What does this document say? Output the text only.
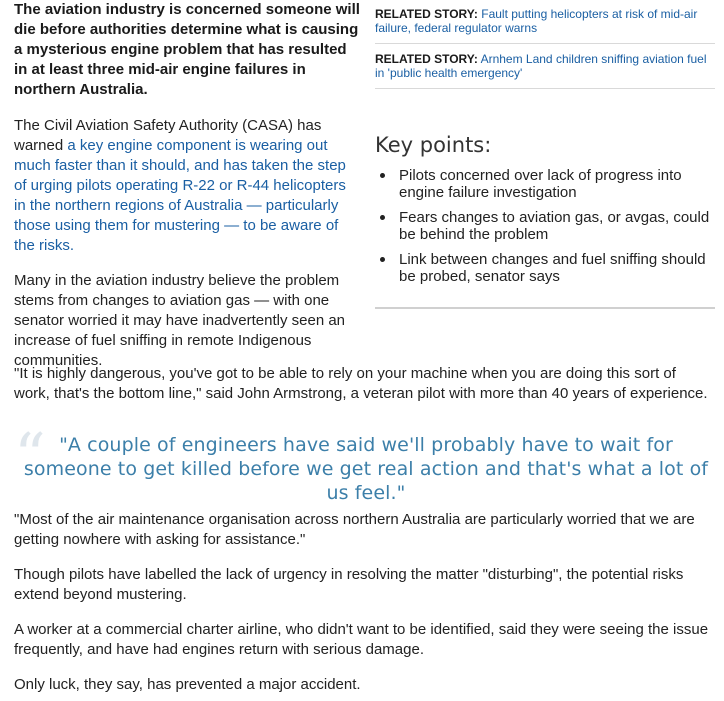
The aviation industry is concerned someone will die before authorities determine what is causing a mysterious engine problem that has resulted in at least three mid-air engine failures in northern Australia.

The Civil Aviation Safety Authority (CASA) has warned a key engine component is wearing out much faster than it should, and has taken the step of urging pilots operating R-22 or R-44 helicopters in the northern regions of Australia — particularly those using them for mustering — to be aware of the risks.

Many in the aviation industry believe the problem stems from changes to aviation gas — with one senator worried it may have inadvertently seen an increase of fuel sniffing in remote Indigenous communities.

RELATED STORY: Fault putting helicopters at risk of mid-air failure, federal regulator warns
RELATED STORY: Arnhem Land children sniffing aviation fuel in 'public health emergency'
Key points:
Pilots concerned over lack of progress into engine failure investigation
Fears changes to aviation gas, or avgas, could be behind the problem
Link between changes and fuel sniffing should be probed, senator says

"It is highly dangerous, you've got to be able to rely on your machine when you are doing this sort of work, that's the bottom line," said John Armstrong, a veteran pilot with more than 40 years of experience.

“ "A couple of engineers have said we'll probably have to wait for someone to get killed before we get real action and that's what a lot of us feel."

"Most of the air maintenance organisation across northern Australia are particularly worried that we are getting nowhere with asking for assistance."

Though pilots have labelled the lack of urgency in resolving the matter "disturbing", the potential risks extend beyond mustering.

A worker at a commercial charter airline, who didn't want to be identified, said they were seeing the issue frequently, and have had engines return with serious damage.

Only luck, they say, has prevented a major accident.
